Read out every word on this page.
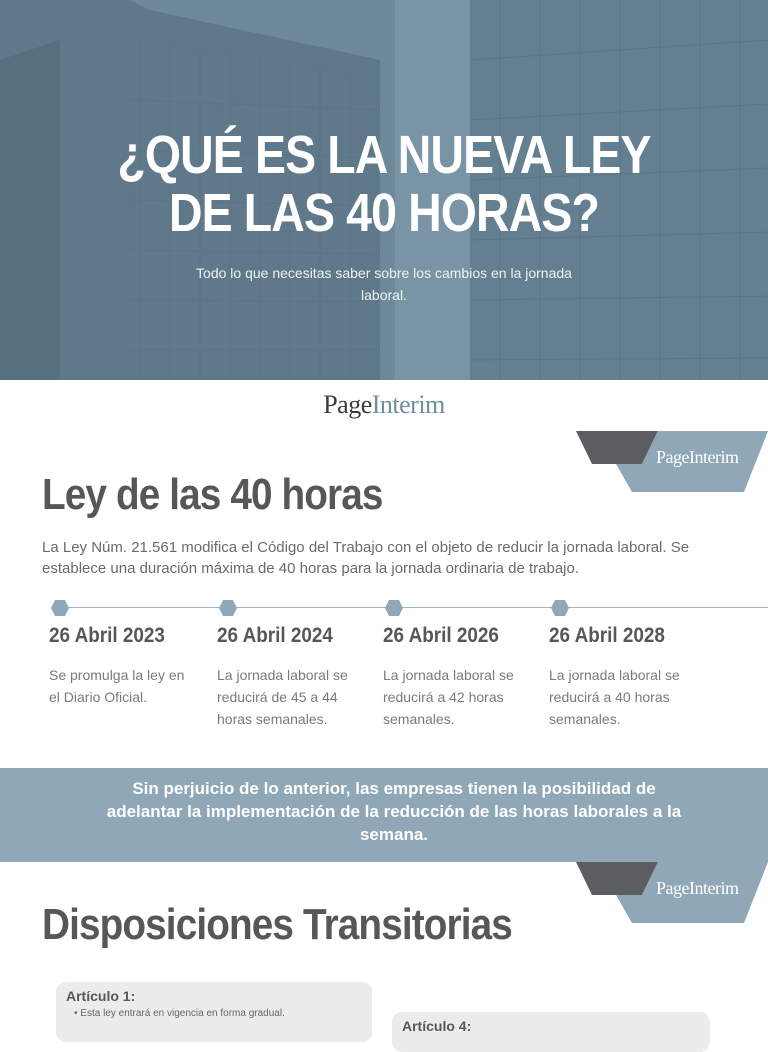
¿QUÉ ES LA NUEVA LEY
DE LAS 40 HORAS?
Todo lo que necesitas saber sobre los cambios en la jornada laboral.
PageInterim
PageInterim
Ley de las 40 horas
La Ley Núm. 21.561 modifica el Código del Trabajo con el objeto de reducir la jornada laboral. Se establece una duración máxima de 40 horas para la jornada ordinaria de trabajo.
26 Abril 2023
Se promulga la ley en el Diario Oficial.
26 Abril 2024
La jornada laboral se reducirá de 45 a 44 horas semanales.
26 Abril 2026
La jornada laboral se reducirá a 42 horas semanales.
26 Abril 2028
La jornada laboral se reducirá a 40 horas semanales.
Sin perjuicio de lo anterior, las empresas tienen la posibilidad de adelantar la implementación de la reducción de las horas laborales a la semana.
PageInterim
Disposiciones Transitorias
Artículo 1:
• Esta ley entrará en vigencia en forma gradual.
Artículo 4:
